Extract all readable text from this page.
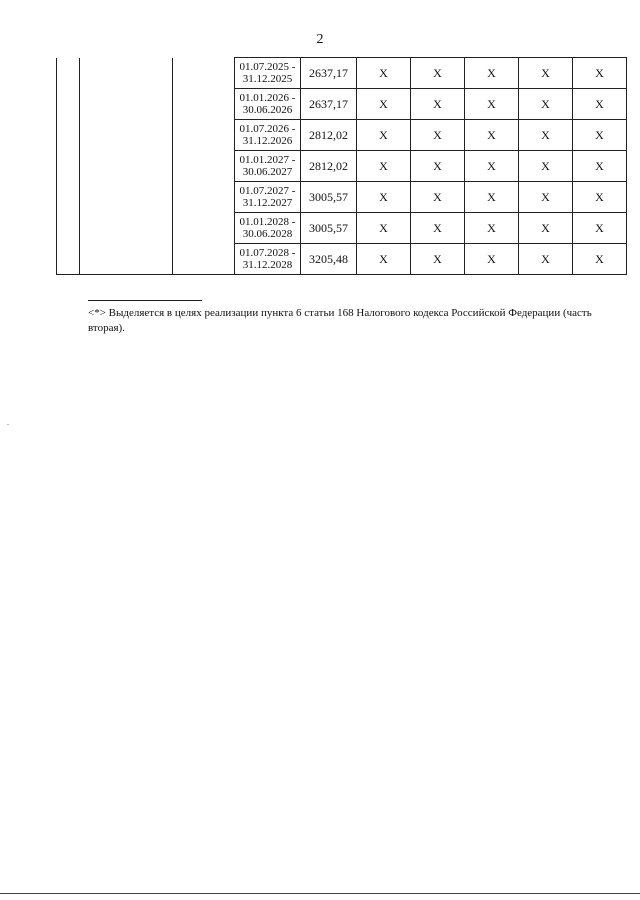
2

			01.07.2025 -
31.12.2025	2637,17	X	X	X	X	X

			01.01.2026 -
30.06.2026	2637,17	X	X	X	X	X

			01.07.2026 -
31.12.2026	2812,02	X	X	X	X	X

			01.01.2027 -
30.06.2027	2812,02	X	X	X	X	X

			01.07.2027 -
31.12.2027	3005,57	X	X	X	X	X

			01.01.2028 -
30.06.2028	3005,57	X	X	X	X	X

			01.07.2028 -
31.12.2028	3205,48	X	X	X	X	X
<*> Выделяется в целях реализации пункта 6 статьи 168 Налогового кодекса Российской Федерации (часть вторая).
.
